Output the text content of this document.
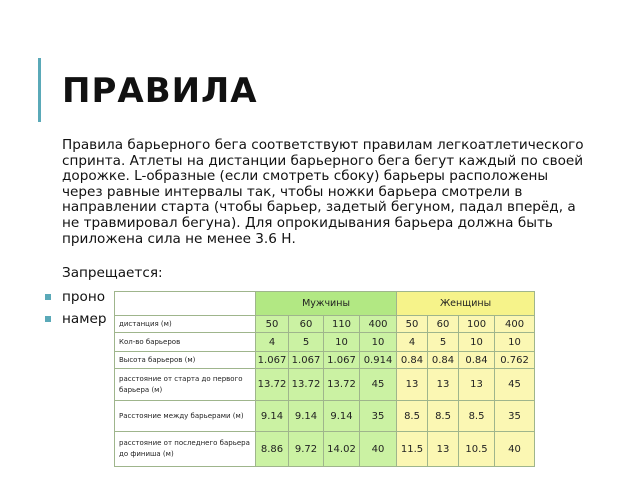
ПРАВИЛА

Правила барьерного бега соответствуют правилам легкоатлетического спринта. Атлеты на дистанции барьерного бега бегут каждый по своей дорожке. L-образные (если смотреть сбоку) барьеры расположены через равные интервалы так, чтобы ножки барьера смотрели в направлении старта (чтобы барьер, задетый бегуном, падал вперёд, а не травмировал бегуна). Для опрокидывания барьера должна быть приложена сила не менее 3.6 Н.

Запрещается:

проно
намер
	Мужчины				Женщины			
дистанция (м)	50	60	110	400	50	60	100	400
Кол-во барьеров	4	5	10	10	4	5	10	10
Высота барьеров (м)	1.067	1.067	1.067	0.914	0.84	0.84	0.84	0.762
расстояние от старта до первого барьера (м)	13.72	13.72	13.72	45	13	13	13	45
Расстояние между барьерами (м)	9.14	9.14	9.14	35	8.5	8.5	8.5	35
расстояние от последнего барьера до финиша (м)	8.86	9.72	14.02	40	11.5	13	10.5	40
